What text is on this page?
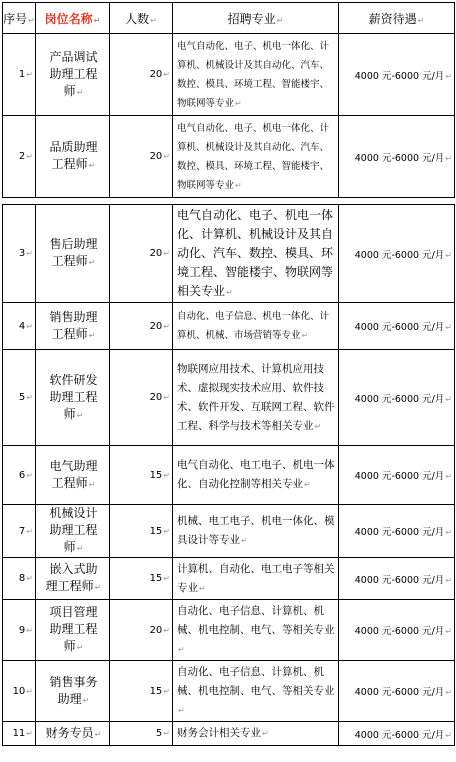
序号↵	岗位名称↵	人数↵	招聘专业↵	薪资待遇↵
1↵	产品调试助理工程师↵	20↵	电气自动化、电子、机电一体化、计算机、机械设计及其自动化、汽车、数控、模具、环境工程、智能楼宇、物联网等专业↵	4000 元-6000 元/月↵
2↵	品质助理工程师↵	20↵	电气自动化、电子、机电一体化、计算机、机械设计及其自动化、汽车、数控、模具、环境工程、智能楼宇、物联网等专业↵	4000 元-6000 元/月↵

3↵	售后助理工程师↵	20↵	电气自动化、电子、机电一体化、计算机、机械设计及其自动化、汽车、数控、模具、环境工程、智能楼宇、物联网等相关专业↵	4000 元-6000 元/月↵
4↵	销售助理工程师↵	20↵	自动化、电子信息、机电一体化、计算机、机械、市场营销等专业↵	4000 元-6000 元/月↵
5↵	软件研发助理工程师↵	20↵	物联网应用技术、计算机应用技术、虚拟现实技术应用、软件技术、软件开发、互联网工程、软件工程、科学与技术等相关专业↵	4000 元-6000 元/月↵
6↵	电气助理工程师↵	15↵	电气自动化、电工电子、机电一体化、自动化控制等相关专业↵	4000 元-6000 元/月↵
7↵	机械设计助理工程师↵	15↵	机械、电工电子、机电一体化、模具设计等专业↵	4000 元-6000 元/月↵
8↵	嵌入式助理工程师↵	15↵	计算机、自动化、电工电子等相关专业↵	4000 元-6000 元/月↵
9↵	项目管理助理工程师↵	20↵	自动化、电子信息、计算机、机械、机电控制、电气、等相关专业↵	4000 元-6000 元/月↵
10↵	销售事务助理↵	15↵	自动化、电子信息、计算机、机械、机电控制、电气、等相关专业↵	4000 元-6000 元/月↵
11↵	财务专员↵	5↵	财务会计相关专业↵	4000 元-6000 元/月↵
